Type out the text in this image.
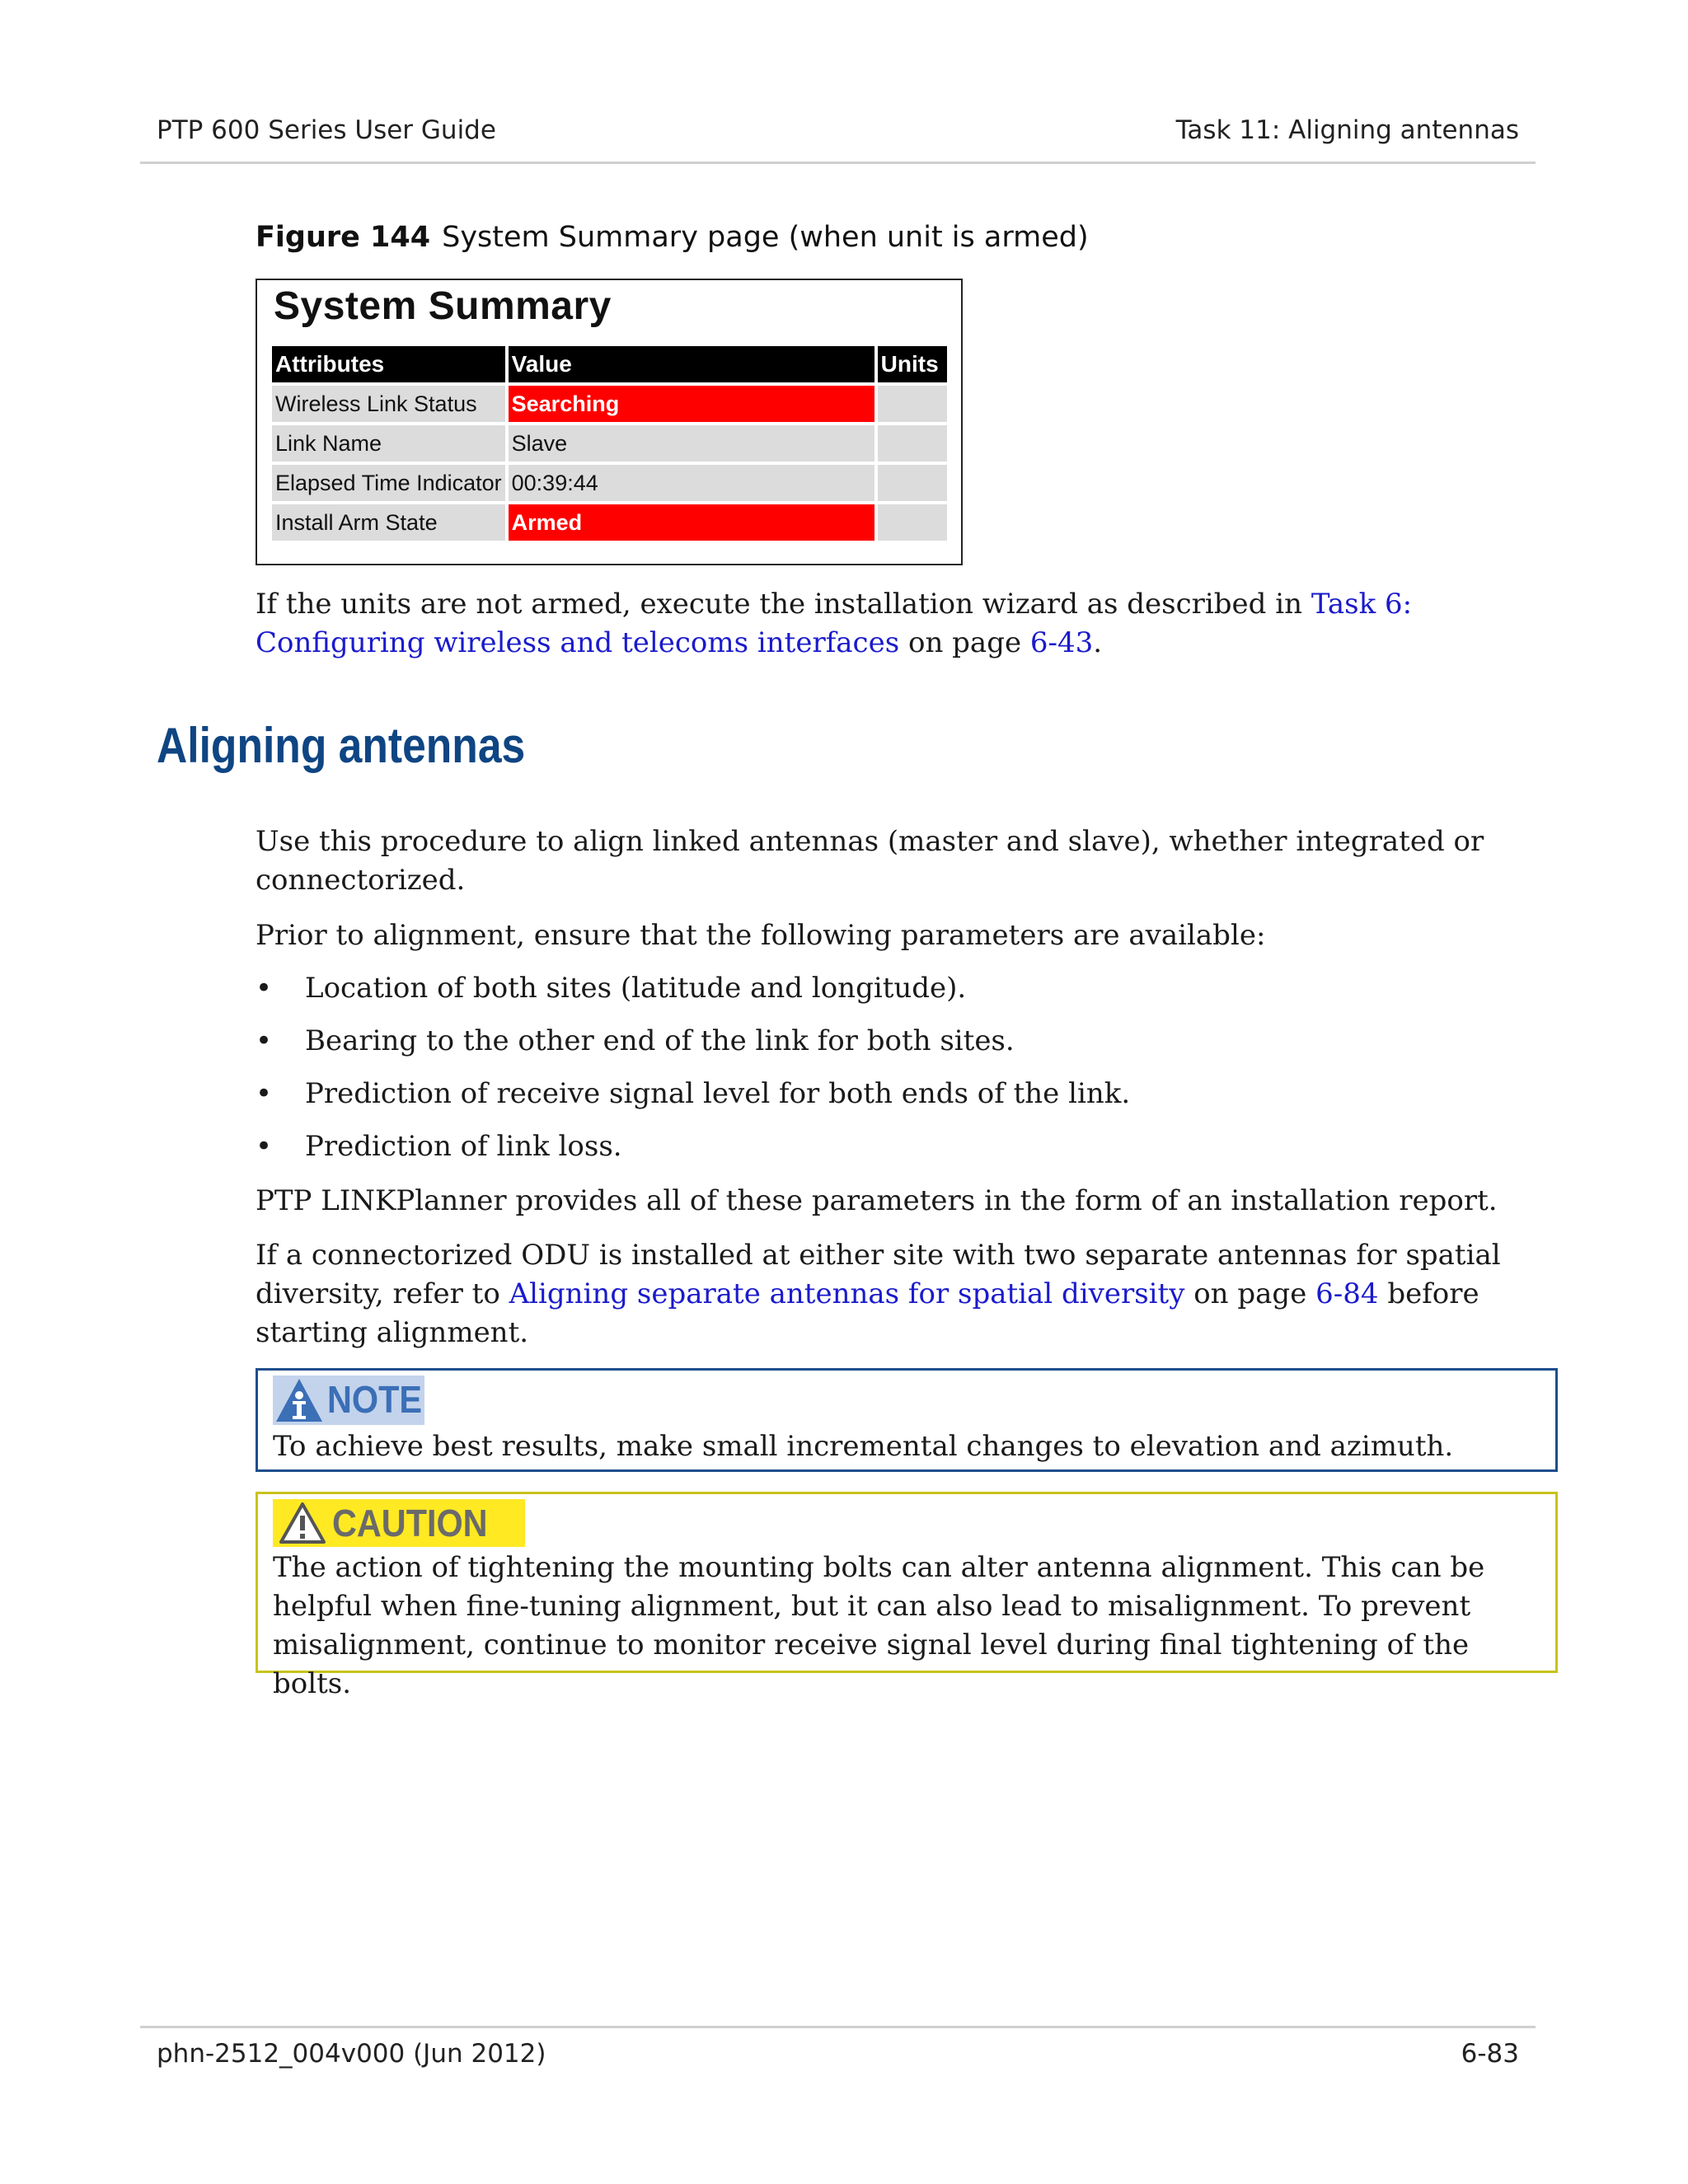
PTP 600 Series User Guide	Task 11: Aligning antennas
Figure 144 System Summary page (when unit is armed)
System Summary
Attributes	Value	Units
Wireless Link Status	Searching	
Link Name	Slave	
Elapsed Time Indicator	00:39:44	
Install Arm State	Armed	
If the units are not armed, execute the installation wizard as described in Task 6:
Configuring wireless and telecoms interfaces on page 6-43.
Aligning antennas
Use this procedure to align linked antennas (master and slave), whether integrated or
connectorized.
Prior to alignment, ensure that the following parameters are available:
• Location of both sites (latitude and longitude).
• Bearing to the other end of the link for both sites.
• Prediction of receive signal level for both ends of the link.
• Prediction of link loss.
PTP LINKPlanner provides all of these parameters in the form of an installation report.
If a connectorized ODU is installed at either site with two separate antennas for spatial
diversity, refer to Aligning separate antennas for spatial diversity on page 6-84 before
starting alignment.
NOTE
To achieve best results, make small incremental changes to elevation and azimuth.
CAUTION
The action of tightening the mounting bolts can alter antenna alignment. This can be
helpful when fine-tuning alignment, but it can also lead to misalignment. To prevent
misalignment, continue to monitor receive signal level during final tightening of the bolts.
phn-2512_004v000 (Jun 2012)	6-83
